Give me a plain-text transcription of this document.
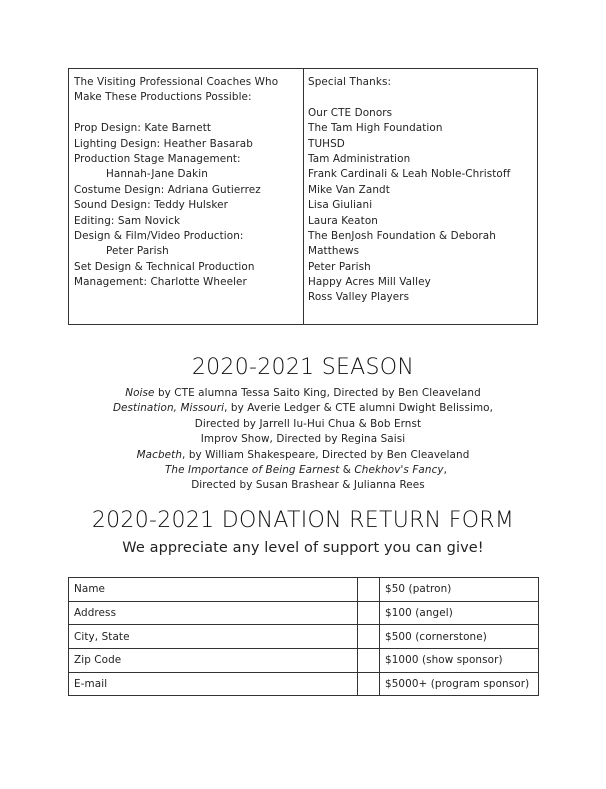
The Visiting Professional Coaches Who
Make These Productions Possible:
Prop Design: Kate Barnett
Lighting Design: Heather Basarab
Production Stage Management:
Hannah-Jane Dakin
Costume Design: Adriana Gutierrez
Sound Design: Teddy Hulsker
Editing: Sam Novick
Design & Film/Video Production:
Peter Parish
Set Design & Technical Production
Management: Charlotte Wheeler
Special Thanks:
Our CTE Donors
The Tam High Foundation
TUHSD
Tam Administration
Frank Cardinali & Leah Noble-Christoff
Mike Van Zandt
Lisa Giuliani
Laura Keaton
The BenJosh Foundation & Deborah
Matthews
Peter Parish
Happy Acres Mill Valley
Ross Valley Players
2020-2021 SEASON
Noise by CTE alumna Tessa Saito King, Directed by Ben Cleaveland
Destination, Missouri, by Averie Ledger & CTE alumni Dwight Belissimo,
Directed by Jarrell Iu-Hui Chua & Bob Ernst
Improv Show, Directed by Regina Saisi
Macbeth, by William Shakespeare, Directed by Ben Cleaveland
The Importance of Being Earnest & Chekhov's Fancy,
Directed by Susan Brashear & Julianna Rees
2020-2021 DONATION RETURN FORM
We appreciate any level of support you can give!
Name		$50 (patron)
Address		$100 (angel)
City, State		$500 (cornerstone)
Zip Code		$1000 (show sponsor)
E-mail		$5000+ (program sponsor)
